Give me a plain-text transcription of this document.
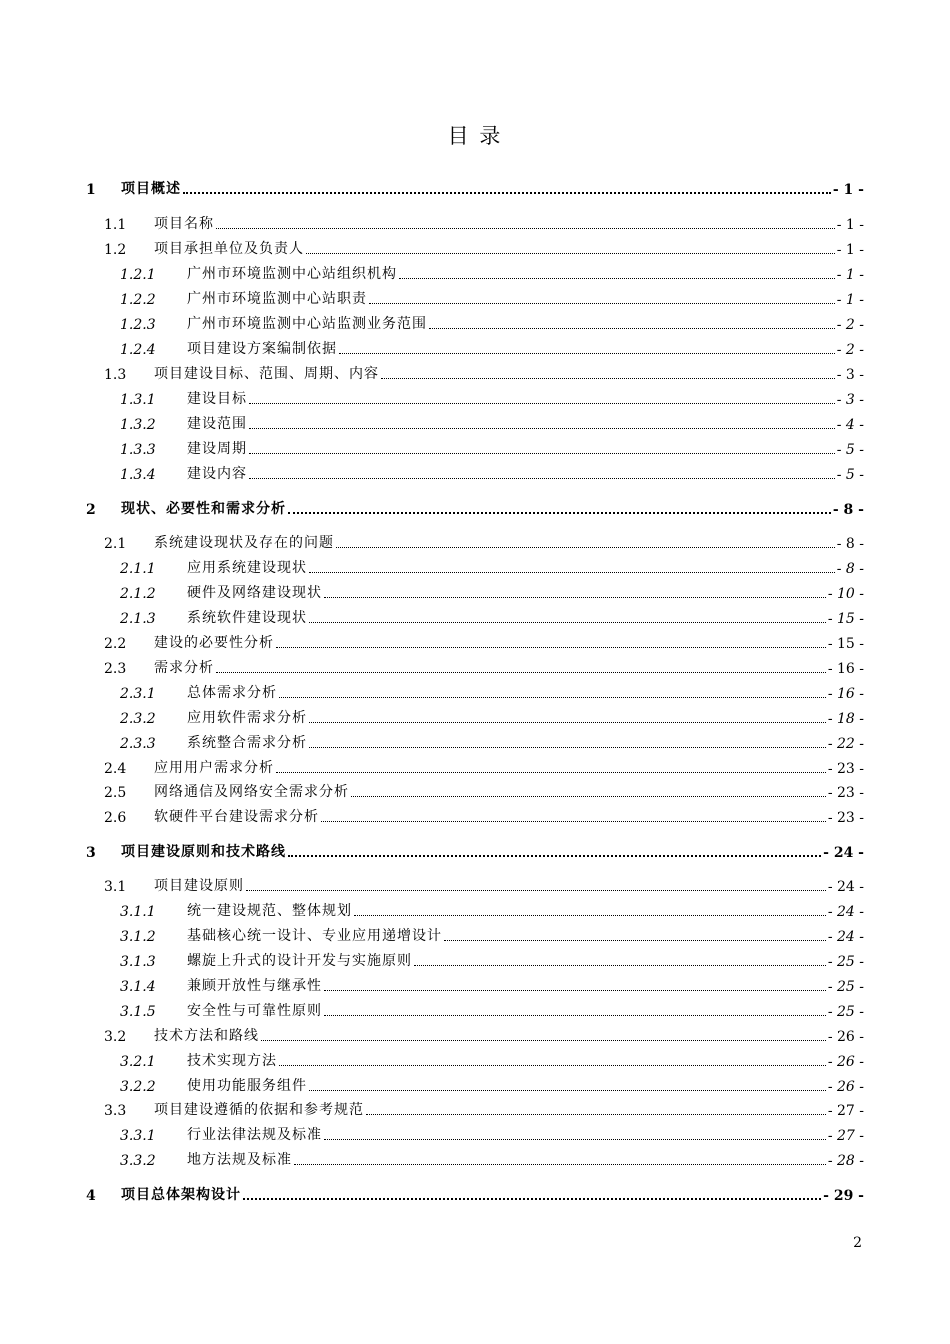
目 录
1	项目概述	- 1 -
1.1	项目名称	- 1 -
1.2	项目承担单位及负责人	- 1 -
1.2.1	广州市环境监测中心站组织机构	- 1 -
1.2.2	广州市环境监测中心站职责	- 1 -
1.2.3	广州市环境监测中心站监测业务范围	- 2 -
1.2.4	项目建设方案编制依据	- 2 -
1.3	项目建设目标、范围、周期、内容	- 3 -
1.3.1	建设目标	- 3 -
1.3.2	建设范围	- 4 -
1.3.3	建设周期	- 5 -
1.3.4	建设内容	- 5 -
2	现状、必要性和需求分析	- 8 -
2.1	系统建设现状及存在的问题	- 8 -
2.1.1	应用系统建设现状	- 8 -
2.1.2	硬件及网络建设现状	- 10 -
2.1.3	系统软件建设现状	- 15 -
2.2	建设的必要性分析	- 15 -
2.3	需求分析	- 16 -
2.3.1	总体需求分析	- 16 -
2.3.2	应用软件需求分析	- 18 -
2.3.3	系统整合需求分析	- 22 -
2.4	应用用户需求分析	- 23 -
2.5	网络通信及网络安全需求分析	- 23 -
2.6	软硬件平台建设需求分析	- 23 -
3	项目建设原则和技术路线	- 24 -
3.1	项目建设原则	- 24 -
3.1.1	统一建设规范、整体规划	- 24 -
3.1.2	基础核心统一设计、专业应用递增设计	- 24 -
3.1.3	螺旋上升式的设计开发与实施原则	- 25 -
3.1.4	兼顾开放性与继承性	- 25 -
3.1.5	安全性与可靠性原则	- 25 -
3.2	技术方法和路线	- 26 -
3.2.1	技术实现方法	- 26 -
3.2.2	使用功能服务组件	- 26 -
3.3	项目建设遵循的依据和参考规范	- 27 -
3.3.1	行业法律法规及标准	- 27 -
3.3.2	地方法规及标准	- 28 -
4	项目总体架构设计	- 29 -
2
